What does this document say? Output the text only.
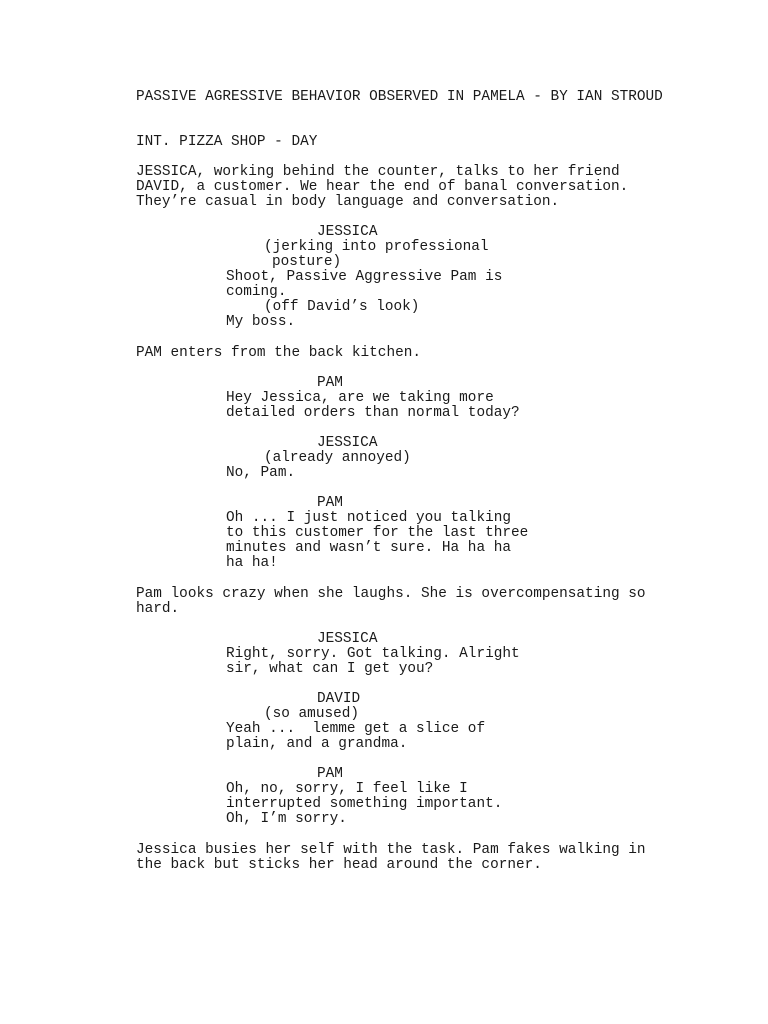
PASSIVE AGRESSIVE BEHAVIOR OBSERVED IN PAMELA - BY IAN STROUD
INT. PIZZA SHOP - DAY
JESSICA, working behind the counter, talks to her friend
DAVID, a customer. We hear the end of banal conversation.
They’re casual in body language and conversation.
JESSICA
(jerking into professional
posture)
Shoot, Passive Aggressive Pam is
coming.
(off David’s look)
My boss.
PAM enters from the back kitchen.
PAM
Hey Jessica, are we taking more
detailed orders than normal today?
JESSICA
(already annoyed)
No, Pam.
PAM
Oh ... I just noticed you talking
to this customer for the last three
minutes and wasn’t sure. Ha ha ha
ha ha!
Pam looks crazy when she laughs. She is overcompensating so
hard.
JESSICA
Right, sorry. Got talking. Alright
sir, what can I get you?
DAVID
(so amused)
Yeah ...  lemme get a slice of
plain, and a grandma.
PAM
Oh, no, sorry, I feel like I
interrupted something important.
Oh, I’m sorry.
Jessica busies her self with the task. Pam fakes walking in
the back but sticks her head around the corner.
